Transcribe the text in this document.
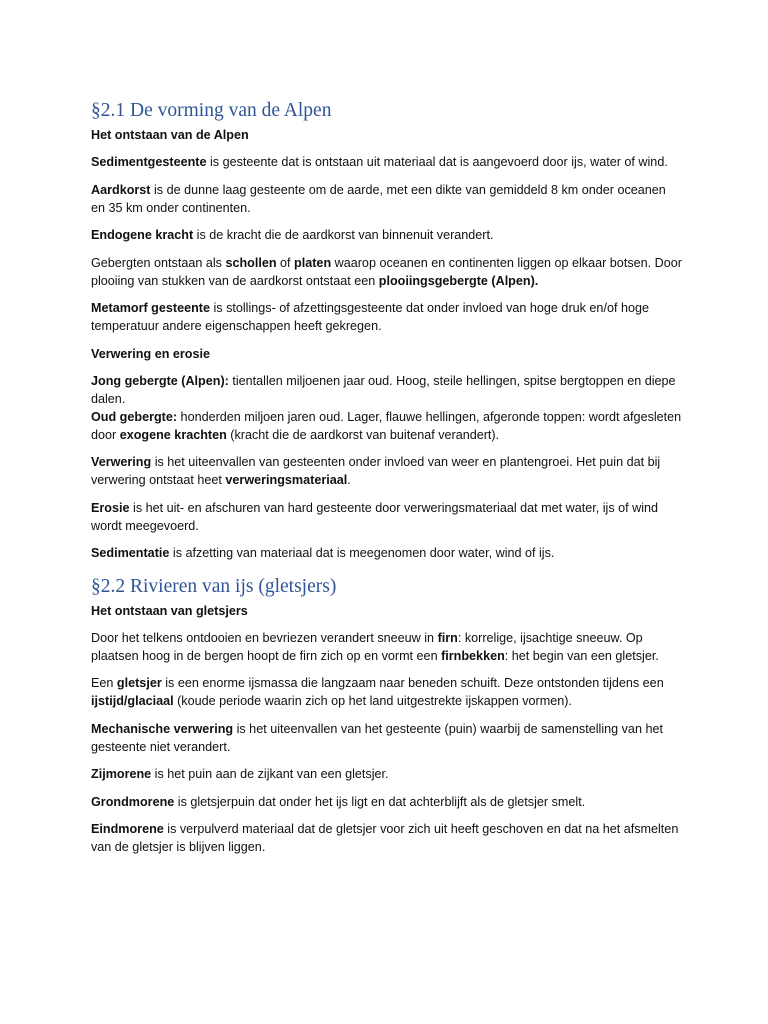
§2.1 De vorming van de Alpen
Het ontstaan van de Alpen

Sedimentgesteente is gesteente dat is ontstaan uit materiaal dat is aangevoerd door ijs, water of wind.

Aardkorst is de dunne laag gesteente om de aarde, met een dikte van gemiddeld 8 km onder oceanen en 35 km onder continenten.

Endogene kracht is de kracht die de aardkorst van binnenuit verandert.

Gebergten ontstaan als schollen of platen waarop oceanen en continenten liggen op elkaar botsen. Door plooiing van stukken van de aardkorst ontstaat een plooiingsgebergte (Alpen).

Metamorf gesteente is stollings- of afzettingsgesteente dat onder invloed van hoge druk en/of hoge temperatuur andere eigenschappen heeft gekregen.

Verwering en erosie

Jong gebergte (Alpen): tientallen miljoenen jaar oud. Hoog, steile hellingen, spitse bergtoppen en diepe dalen.

Oud gebergte: honderden miljoen jaren oud. Lager, flauwe hellingen, afgeronde toppen: wordt afgesleten door exogene krachten (kracht die de aardkorst van buitenaf verandert).

Verwering is het uiteenvallen van gesteenten onder invloed van weer en plantengroei. Het puin dat bij verwering ontstaat heet verweringsmateriaal.

Erosie is het uit- en afschuren van hard gesteente door verweringsmateriaal dat met water, ijs of wind wordt meegevoerd.

Sedimentatie is afzetting van materiaal dat is meegenomen door water, wind of ijs.

§2.2 Rivieren van ijs (gletsjers)
Het ontstaan van gletsjers

Door het telkens ontdooien en bevriezen verandert sneeuw in firn: korrelige, ijsachtige sneeuw. Op plaatsen hoog in de bergen hoopt de firn zich op en vormt een firnbekken: het begin van een gletsjer.

Een gletsjer is een enorme ijsmassa die langzaam naar beneden schuift. Deze ontstonden tijdens een ijstijd/glaciaal (koude periode waarin zich op het land uitgestrekte ijskappen vormen).

Mechanische verwering is het uiteenvallen van het gesteente (puin) waarbij de samenstelling van het gesteente niet verandert.

Zijmorene is het puin aan de zijkant van een gletsjer.

Grondmorene is gletsjerpuin dat onder het ijs ligt en dat achterblijft als de gletsjer smelt.

Eindmorene is verpulverd materiaal dat de gletsjer voor zich uit heeft geschoven en dat na het afsmelten van de gletsjer is blijven liggen.
